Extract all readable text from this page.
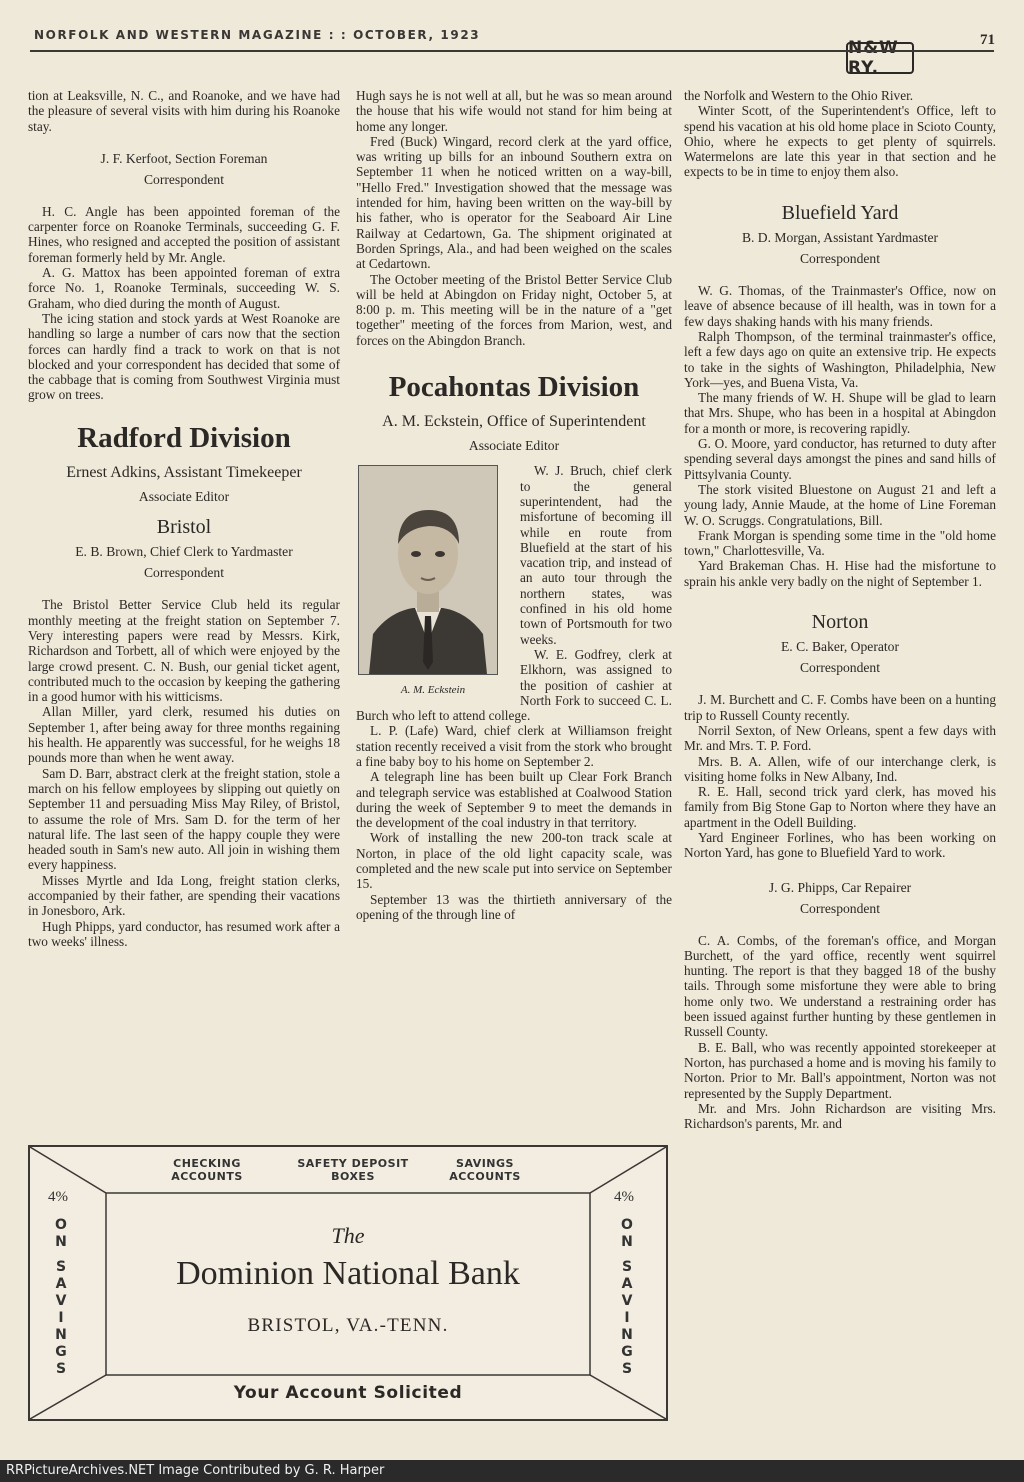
NORFOLK AND WESTERN MAGAZINE : : OCTOBER, 1923	71
N&W RY.

tion at Leaksville, N. C., and Roanoke, and we have had the pleasure of several visits with him during his Roanoke stay.

J. F. Kerfoot, Section Foreman
Correspondent

H. C. Angle has been appointed foreman of the carpenter force on Roanoke Terminals, succeeding G. F. Hines, who resigned and accepted the position of assistant foreman formerly held by Mr. Angle.

A. G. Mattox has been appointed foreman of extra force No. 1, Roanoke Terminals, succeeding W. S. Graham, who died during the month of August.

The icing station and stock yards at West Roanoke are handling so large a number of cars now that the section forces can hardly find a track to work on that is not blocked and your correspondent has decided that some of the cabbage that is coming from Southwest Virginia must grow on trees.

Radford Division
Ernest Adkins, Assistant Timekeeper
Associate Editor
Bristol
E. B. Brown, Chief Clerk to Yardmaster
Correspondent

The Bristol Better Service Club held its regular monthly meeting at the freight station on September 7. Very interesting papers were read by Messrs. Kirk, Richardson and Torbett, all of which were enjoyed by the large crowd present. C. N. Bush, our genial ticket agent, contributed much to the occasion by keeping the gathering in a good humor with his witticisms.

Allan Miller, yard clerk, resumed his duties on September 1, after being away for three months regaining his health. He apparently was successful, for he weighs 18 pounds more than when he went away.

Sam D. Barr, abstract clerk at the freight station, stole a march on his fellow employees by slipping out quietly on September 11 and persuading Miss May Riley, of Bristol, to assume the role of Mrs. Sam D. for the term of her natural life. The last seen of the happy couple they were headed south in Sam's new auto. All join in wishing them every happiness.

Misses Myrtle and Ida Long, freight station clerks, accompanied by their father, are spending their vacations in Jonesboro, Ark.

Hugh Phipps, yard conductor, has resumed work after a two weeks' illness.

Hugh says he is not well at all, but he was so mean around the house that his wife would not stand for him being at home any longer.

Fred (Buck) Wingard, record clerk at the yard office, was writing up bills for an inbound Southern extra on September 11 when he noticed written on a way-bill, "Hello Fred." Investigation showed that the message was intended for him, having been written on the way-bill by his father, who is operator for the Seaboard Air Line Railway at Cedartown, Ga. The shipment originated at Borden Springs, Ala., and had been weighed on the scales at Cedartown.

The October meeting of the Bristol Better Service Club will be held at Abingdon on Friday night, October 5, at 8:00 p. m. This meeting will be in the nature of a "get together" meeting of the forces from Marion, west, and forces on the Abingdon Branch.

Pocahontas Division
A. M. Eckstein, Office of Superintendent
Associate Editor
A. M. Eckstein

W. J. Bruch, chief clerk to the general superintendent, had the misfortune of becoming ill while en route from Bluefield at the start of his vacation trip, and instead of an auto tour through the northern states, was confined in his old home town of Portsmouth for two weeks.

W. E. Godfrey, clerk at Elkhorn, was assigned to the position of cashier at North Fork to succeed C. L. Burch who left to attend college.

L. P. (Lafe) Ward, chief clerk at Williamson freight station recently received a visit from the stork who brought a fine baby boy to his home on September 2.

A telegraph line has been built up Clear Fork Branch and telegraph service was established at Coalwood Station during the week of September 9 to meet the demands in the development of the coal industry in that territory.

Work of installing the new 200-ton track scale at Norton, in place of the old light capacity scale, was completed and the new scale put into service on September 15.

September 13 was the thirtieth anniversary of the opening of the through line of

the Norfolk and Western to the Ohio River.

Winter Scott, of the Superintendent's Office, left to spend his vacation at his old home place in Scioto County, Ohio, where he expects to get plenty of squirrels. Watermelons are late this year in that section and he expects to be in time to enjoy them also.

Bluefield Yard
B. D. Morgan, Assistant Yardmaster
Correspondent

W. G. Thomas, of the Trainmaster's Office, now on leave of absence because of ill health, was in town for a few days shaking hands with his many friends.

Ralph Thompson, of the terminal trainmaster's office, left a few days ago on quite an extensive trip. He expects to take in the sights of Washington, Philadelphia, New York—yes, and Buena Vista, Va.

The many friends of W. H. Shupe will be glad to learn that Mrs. Shupe, who has been in a hospital at Abingdon for a month or more, is recovering rapidly.

G. O. Moore, yard conductor, has returned to duty after spending several days amongst the pines and sand hills of Pittsylvania County.

The stork visited Bluestone on August 21 and left a young lady, Annie Maude, at the home of Line Foreman W. O. Scruggs. Congratulations, Bill.

Frank Morgan is spending some time in the "old home town," Charlottesville, Va.

Yard Brakeman Chas. H. Hise had the misfortune to sprain his ankle very badly on the night of September 1.

Norton
E. C. Baker, Operator
Correspondent

J. M. Burchett and C. F. Combs have been on a hunting trip to Russell County recently.

Norril Sexton, of New Orleans, spent a few days with Mr. and Mrs. T. P. Ford.

Mrs. B. A. Allen, wife of our interchange clerk, is visiting home folks in New Albany, Ind.

R. E. Hall, second trick yard clerk, has moved his family from Big Stone Gap to Norton where they have an apartment in the Odell Building.

Yard Engineer Forlines, who has been working on Norton Yard, has gone to Bluefield Yard to work.

J. G. Phipps, Car Repairer
Correspondent

C. A. Combs, of the foreman's office, and Morgan Burchett, of the yard office, recently went squirrel hunting. The report is that they bagged 18 of the bushy tails. Through some misfortune they were able to bring home only two. We understand a restraining order has been issued against further hunting by these gentlemen in Russell County.

B. E. Ball, who was recently appointed storekeeper at Norton, has purchased a home and is moving his family to Norton. Prior to Mr. Ball's appointment, Norton was not represented by the Supply Department.

Mr. and Mrs. John Richardson are visiting Mrs. Richardson's parents, Mr. and

CHECKING ACCOUNTS
SAFETY DEPOSIT BOXES
SAVINGS ACCOUNTS
4%	4%
O
N
S
A
V
I
N
G
S
O
N
S
A
V
I
N
G
S
The
Dominion National Bank
BRISTOL, VA.-TENN.
Your Account Solicited
RRPictureArchives.NET Image Contributed by G. R. Harper
